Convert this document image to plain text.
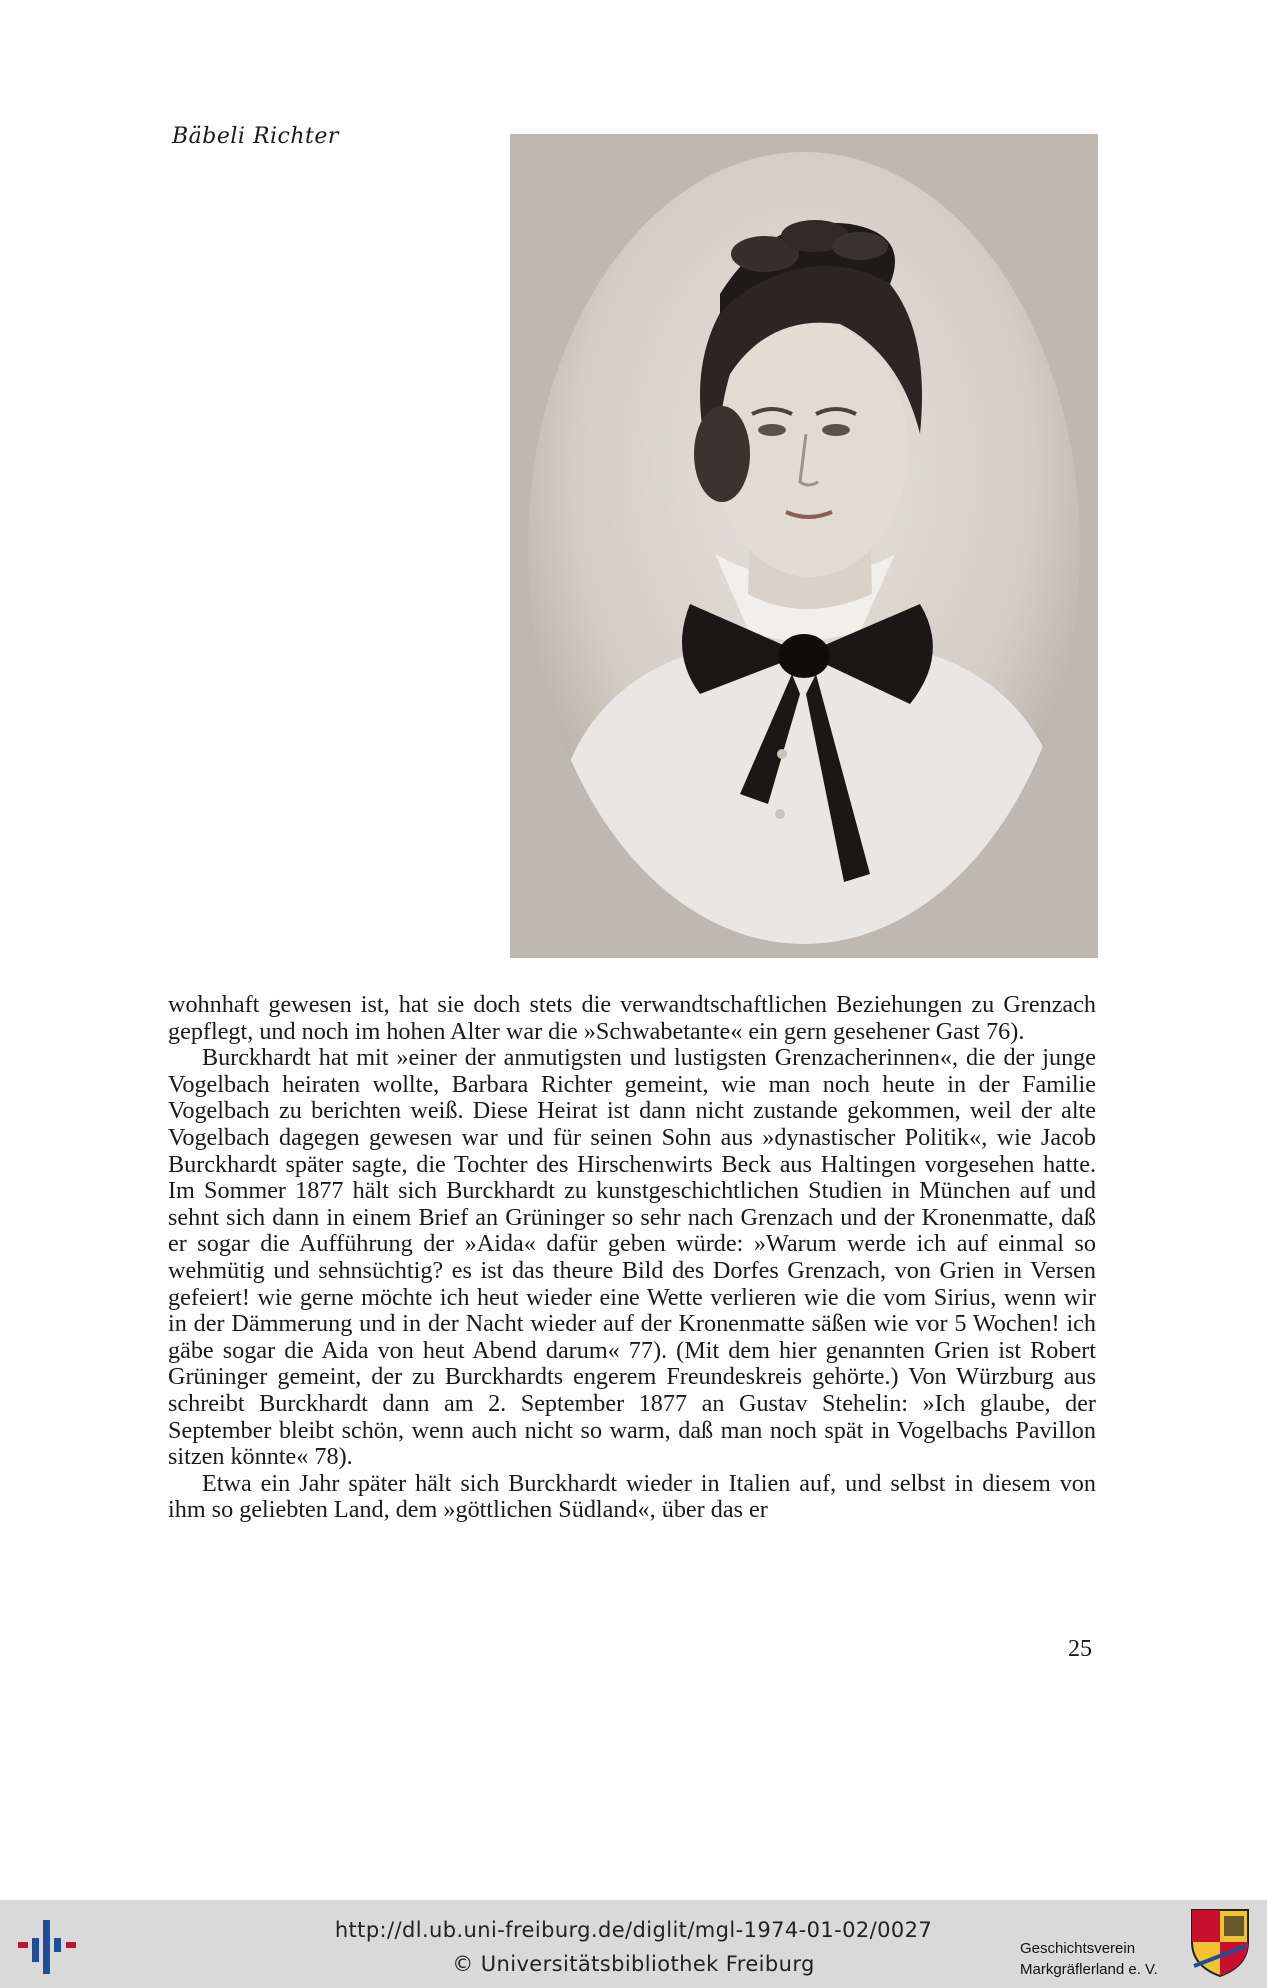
Bäbeli Richter

wohnhaft gewesen ist, hat sie doch stets die verwandtschaftlichen Beziehungen zu Grenzach gepflegt, und noch im hohen Alter war die »Schwabetante« ein gern gesehener Gast 76).

Burckhardt hat mit »einer der anmutigsten und lustigsten Grenzacherinnen«, die der junge Vogelbach heiraten wollte, Barbara Richter gemeint, wie man noch heute in der Familie Vogelbach zu berichten weiß. Diese Heirat ist dann nicht zustande gekommen, weil der alte Vogelbach dagegen gewesen war und für seinen Sohn aus »dynastischer Politik«, wie Jacob Burckhardt später sagte, die Tochter des Hirschenwirts Beck aus Haltingen vorgesehen hatte. Im Sommer 1877 hält sich Burckhardt zu kunstgeschichtlichen Studien in München auf und sehnt sich dann in einem Brief an Grüninger so sehr nach Grenzach und der Kronenmatte, daß er sogar die Aufführung der »Aida« dafür geben würde: »Warum werde ich auf einmal so wehmütig und sehnsüchtig? es ist das theure Bild des Dorfes Grenzach, von Grien in Versen gefeiert! wie gerne möchte ich heut wieder eine Wette verlieren wie die vom Sirius, wenn wir in der Dämmerung und in der Nacht wieder auf der Kronenmatte säßen wie vor 5 Wochen! ich gäbe sogar die Aida von heut Abend darum« 77). (Mit dem hier genannten Grien ist Robert Grüninger gemeint, der zu Burckhardts engerem Freundeskreis gehörte.) Von Würzburg aus schreibt Burckhardt dann am 2. September 1877 an Gustav Stehelin: »Ich glaube, der September bleibt schön, wenn auch nicht so warm, daß man noch spät in Vogelbachs Pavillon sitzen könnte« 78).

Etwa ein Jahr später hält sich Burckhardt wieder in Italien auf, und selbst in diesem von ihm so geliebten Land, dem »göttlichen Südland«, über das er

25
http://dl.ub.uni-freiburg.de/diglit/mgl-1974-01-02/0027
© Universitätsbibliothek Freiburg
Geschichtsverein
Markgräflerland e. V.
